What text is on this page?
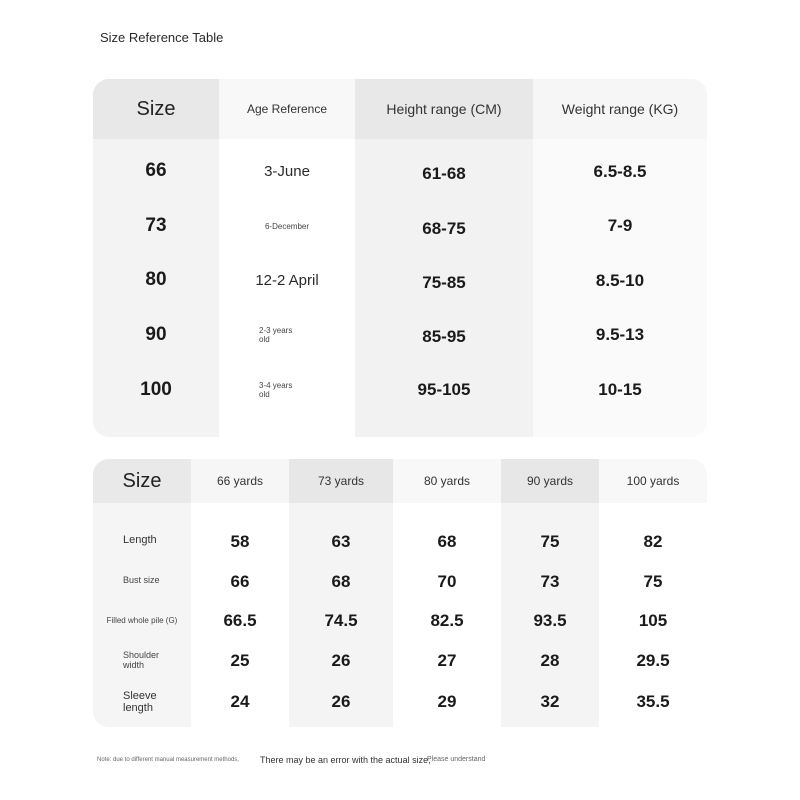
Size Reference Table
Size
66
73
80
90
100
Age Reference
3-June
6-December
12-2 April
2-3 years old
3-4 years old
Height range (CM)
61-68
68-75
75-85
85-95
95-105
Weight range (KG)
6.5-8.5
7-9
8.5-10
9.5-13
10-15
Size
Length
Bust size
Filled whole pile (G)
Shoulder width
Sleeve length
66 yards
58
66
66.5
25
24
73 yards
63
68
74.5
26
26
80 yards
68
70
82.5
27
29
90 yards
75
73
93.5
28
32
100 yards
82
75
105
29.5
35.5
Note: due to different manual measurement methods, There may be an error with the actual size,
Please understand
